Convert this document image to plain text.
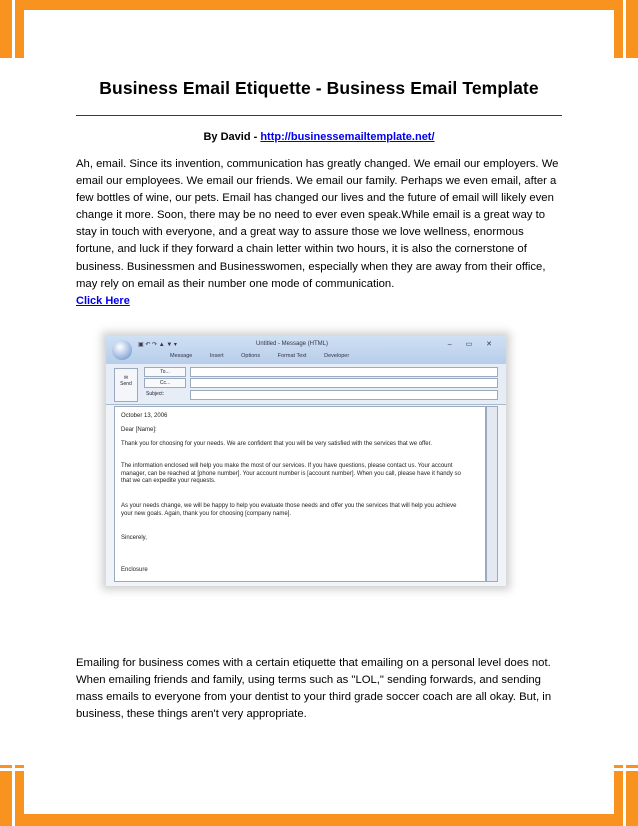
Business Email Etiquette - Business Email Template
By David - http://businessemailtemplate.net/
Ah, email. Since its invention, communication has greatly changed. We email our employers. We email our employees. We email our friends. We email our family. Perhaps we even email, after a few bottles of wine, our pets. Email has changed our lives and the future of email will likely even change it more. Soon, there may be no need to ever even speak.While email is a great way to stay in touch with everyone, and a great way to assure those we love wellness, enormous fortune, and luck if they forward a chain letter within two hours, it is also the cornerstone of business. Businessmen and Businesswomen, especially when they are away from their office, may rely on email as their number one mode of communication.
Click Here
▣ ↶ ↷ ▲ ▼ ▾	Untitled - Message (HTML)	– ▭ ✕
Message	Insert	Options	Format Text	Developer

✉
Send
To...
Cc...
Subject:
October 13, 2006
Dear [Name]:
Thank you for choosing for your needs. We are confident that you will be very satisfied with the services that we offer.
The information enclosed will help you make the most of our services. If you have questions, please contact us. Your account manager, can be reached at [phone number]. Your account number is [account number]. When you call, please have it handy so that we can expedite your requests.
As your needs change, we will be happy to help you evaluate those needs and offer you the services that will help you achieve your new goals. Again, thank you for choosing [company name].
Sincerely,
Enclosure
Emailing for business comes with a certain etiquette that emailing on a personal level does not. When emailing friends and family, using terms such as "LOL," sending forwards, and sending mass emails to everyone from your dentist to your third grade soccer coach are all okay. But, in business, these things aren't very appropriate.
